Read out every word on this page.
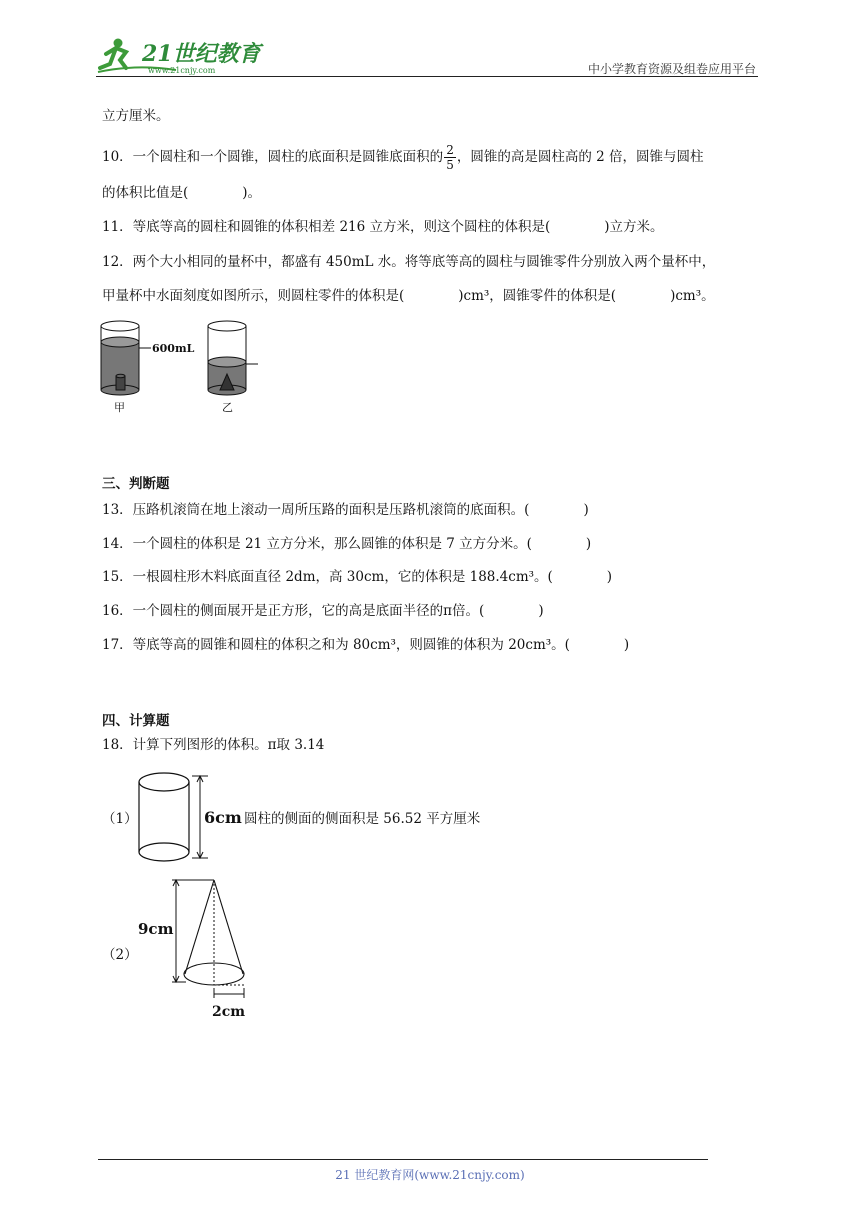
21世纪教育
www.21cnjy.com	中小学教育资源及组卷应用平台
立方厘米。
10．一个圆柱和一个圆锥，圆柱的底面积是圆锥底面积的 $\frac{2}{5}$ ，圆锥的高是圆柱高的 2 倍，圆锥与圆柱
的体积比值是(　　　　)。
11．等底等高的圆柱和圆锥的体积相差 216 立方米，则这个圆柱的体积是(　　　　)立方米。
12．两个大小相同的量杯中，都盛有 450mL 水。将等底等高的圆柱与圆锥零件分别放入两个量杯中，
甲量杯中水面刻度如图所示，则圆柱零件的体积是(　　　　)cm³，圆锥零件的体积是(　　　　)cm³。
600mL
甲	乙
三、判断题
13．压路机滚筒在地上滚动一周所压路的面积是压路机滚筒的底面积。(　　　　)
14．一个圆柱的体积是 21 立方分米，那么圆锥的体积是 7 立方分米。(　　　　)
15．一根圆柱形木料底面直径 2dm，高 30cm，它的体积是 188.4cm³。(　　　　)
16．一个圆柱的侧面展开是正方形，它的高是底面半径的π倍。(　　　　)
17．等底等高的圆锥和圆柱的体积之和为 80cm³，则圆锥的体积为 20cm³。(　　　　)
四、计算题
18．计算下列图形的体积。π取 3.14
（1）	6cm 圆柱的侧面的侧面积是 56.52 平方厘米
（2）
9cm
2cm
21 世纪教育网(www.21cnjy.com)
